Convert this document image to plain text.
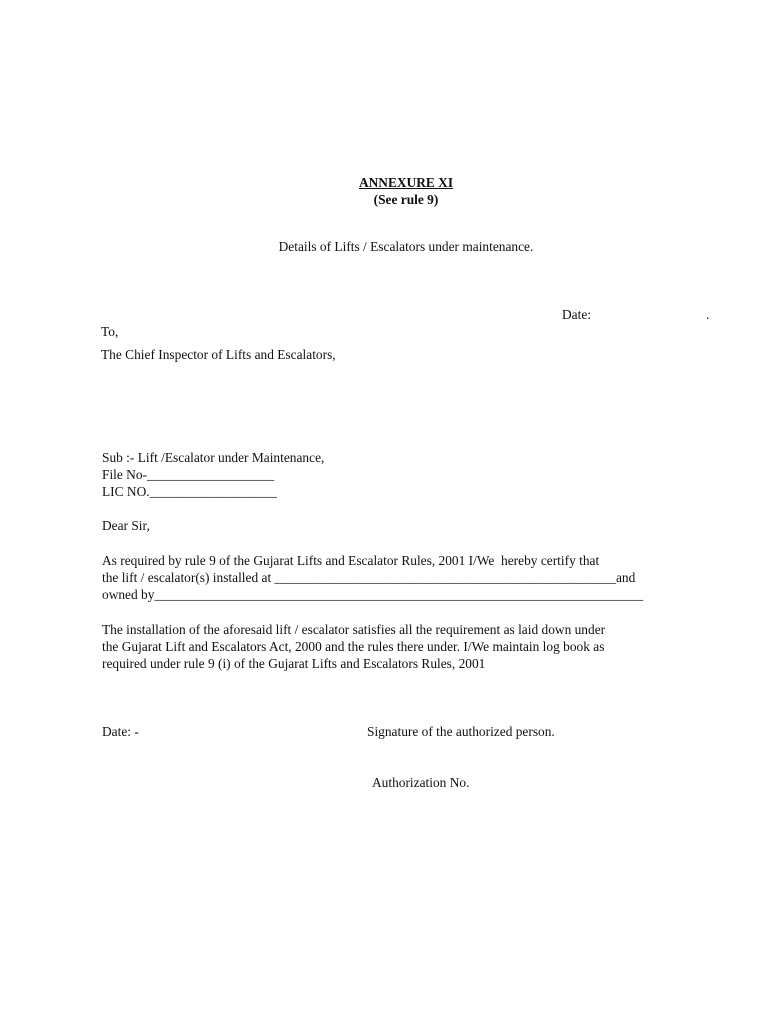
ANNEXURE XI
(See rule 9)
Details of Lifts / Escalators under maintenance.
Date:	.
To,
The Chief Inspector of Lifts and Escalators,
Sub :- Lift /Escalator under Maintenance,
File No-___________________
LIC NO.___________________
Dear Sir,
As required by rule 9 of the Gujarat Lifts and Escalator Rules, 2001 I/We  hereby certify that
the lift / escalator(s) installed at ___________________________________________________and
owned by_________________________________________________________________________
The installation of the aforesaid lift / escalator satisfies all the requirement as laid down under
the Gujarat Lift and Escalators Act, 2000 and the rules there under. I/We maintain log book as
required under rule 9 (i) of the Gujarat Lifts and Escalators Rules, 2001
Date: -	Signature of the authorized person.
Authorization No.
